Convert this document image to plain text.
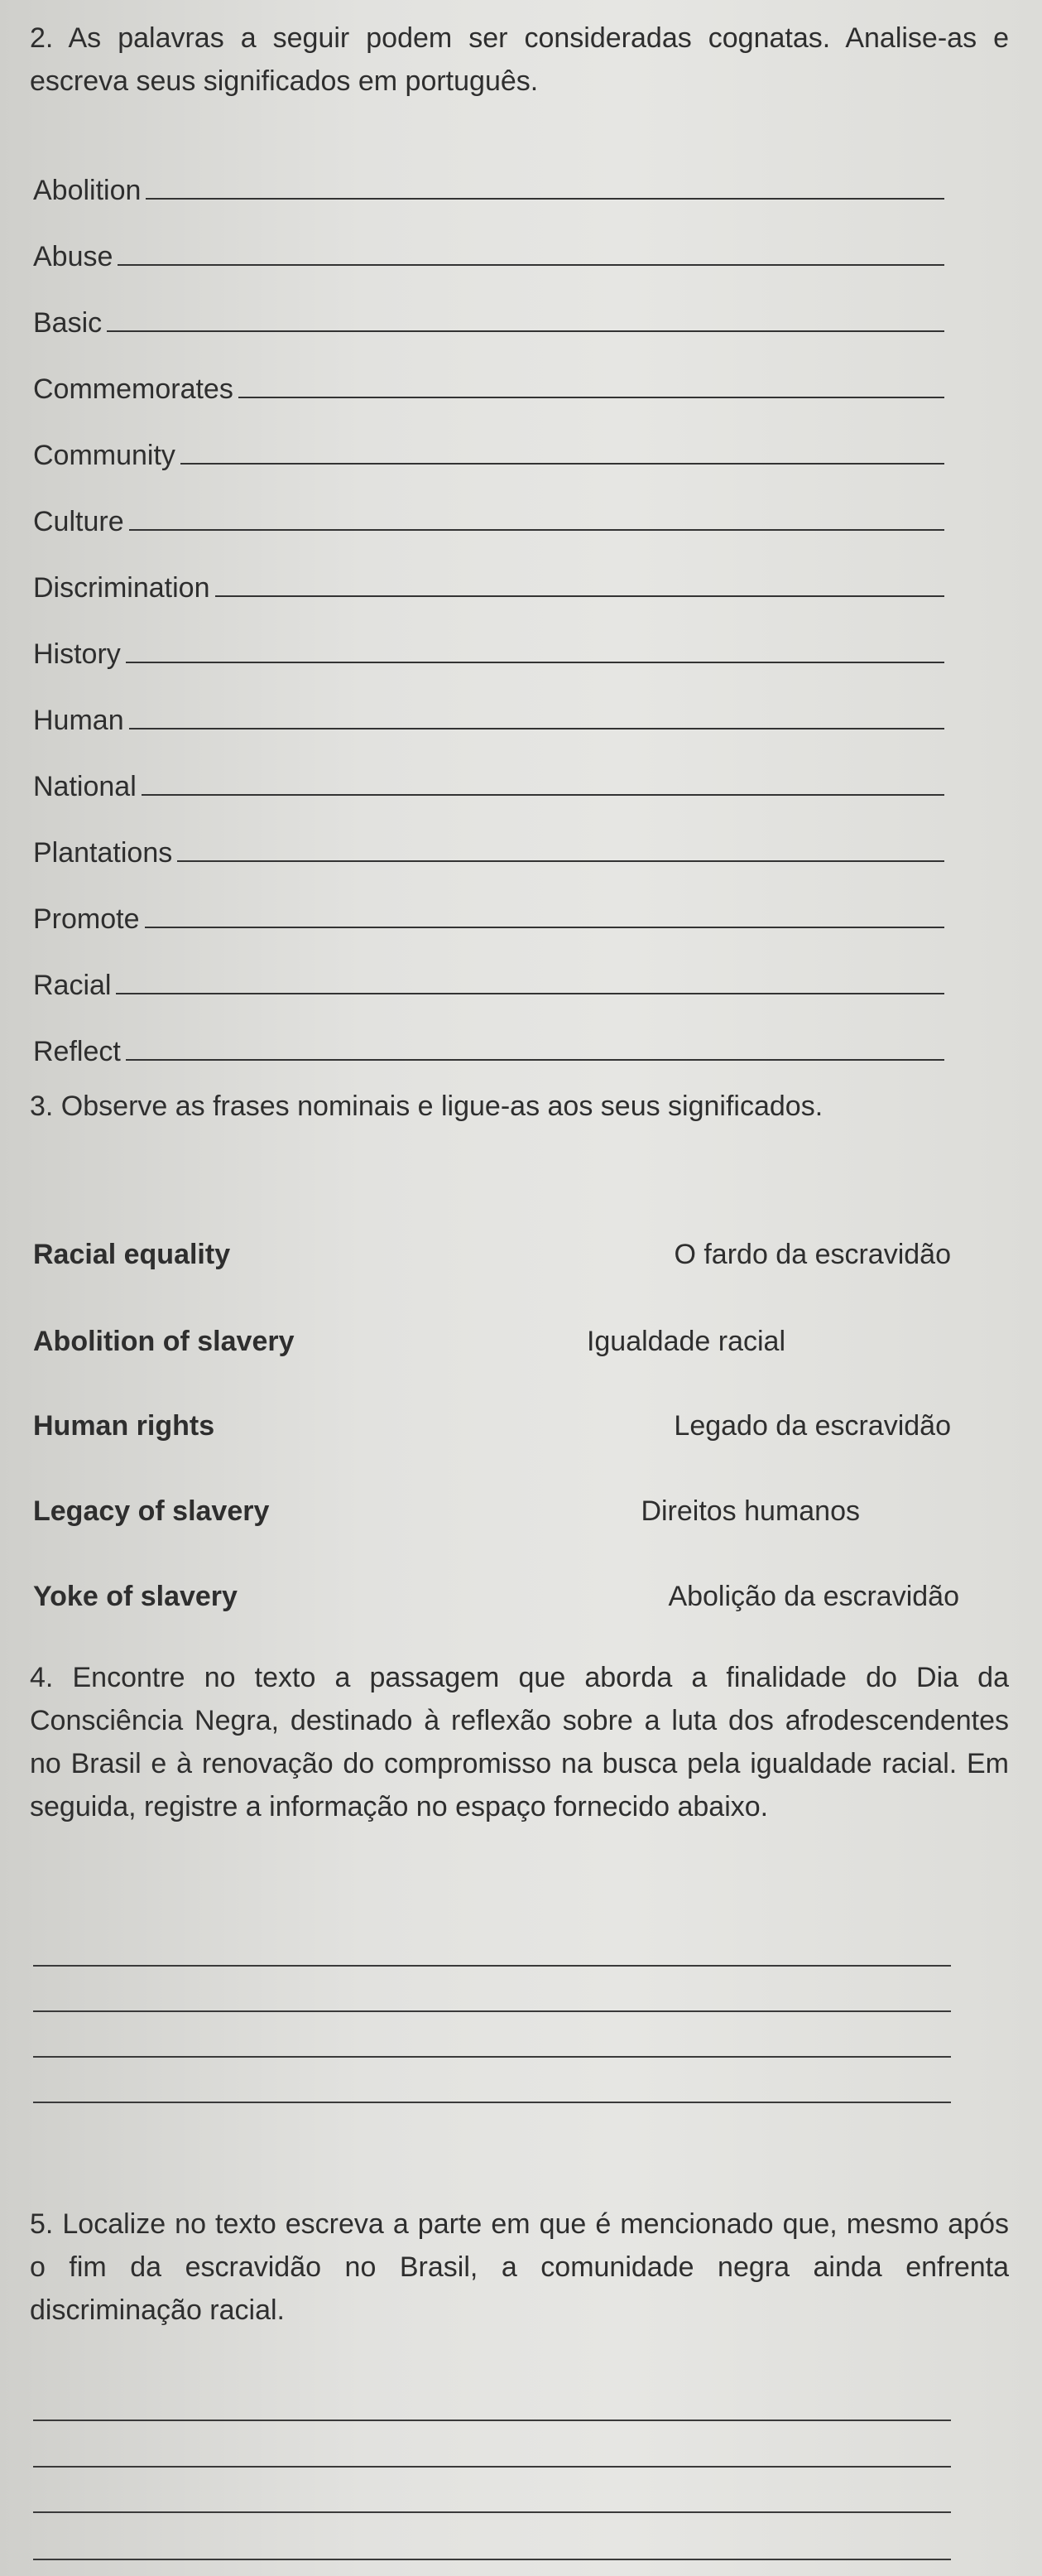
2. As palavras a seguir podem ser consideradas cognatas. Analise-as e escreva seus significados em português.

Abolition
Abuse
Basic
Commemorates
Community
Culture
Discrimination
History
Human
National
Plantations
Promote
Racial
Reflect

3. Observe as frases nominais e ligue-as aos seus significados.

Racial equality	O fardo da escravidão
Abolition of slavery	Igualdade racial
Human rights	Legado da escravidão
Legacy of slavery	Direitos humanos
Yoke of slavery	Abolição da escravidão

4. Encontre no texto a passagem que aborda a finalidade do Dia da Consciência Negra, destinado à reflexão sobre a luta dos afrodescendentes no Brasil e à renovação do compromisso na busca pela igualdade racial. Em seguida, registre a informação no espaço fornecido abaixo.

5. Localize no texto escreva a parte em que é mencionado que, mesmo após o fim da escravidão no Brasil, a comunidade negra ainda enfrenta discriminação racial.
